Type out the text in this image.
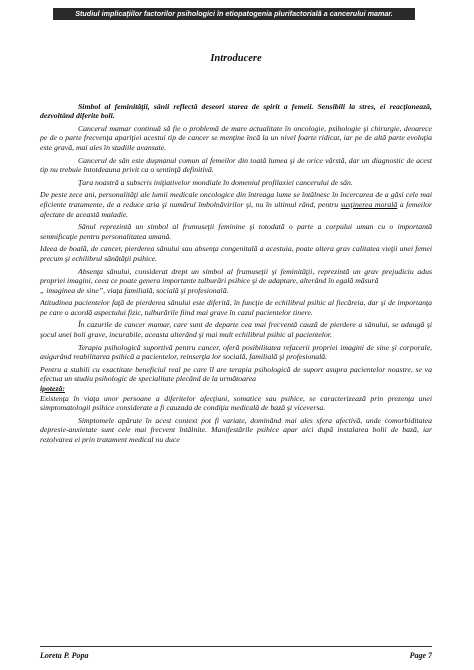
Studiul implicaţiilor factorilor psihologici în etiopatogenia plurifactorială a cancerului mamar.
Introducere

Simbol al feminităţii, sânii reflectă deseori starea de spirit a femeii. Sensibili la stres, ei reacţionează, dezvoltând diferite boli.

Cancerul mamar continuă să fie o problemă de mare actualitate în oncologie, psihologie şi chirurgie, deoarece pe de o parte frecvenţa apariţiei acestui tip de cancer se menţine încă la un nivel foarte ridicat, iar pe de altă parte evoluţia este gravă, mai ales în stadiile avansate.

Cancerul de sân este duşmanul comun al femeilor din toată lumea şi de orice vârstă, dar un diagnostic de acest tip nu trebuie întotdeauna privit ca o sentinţă definitivă.

Ţara noastră a subscris iniţiativelor mondiale în domeniul profilaxiei cancerului de sân.

De peste zece ani, personalităţi ale lumii medicale oncologice din întreaga lume se întâlnesc în încercarea de a găsi cele mai eficiente tratamente, de a reduce aria şi numărul îmbolnăvirilor şi, nu în ultimul rând, pentru susţinerea morală a femeilor afectate de această maladie.

Sânul reprezintă un simbol al frumuseţii feminine şi totodată o parte a corpului uman cu o importantă semnificaţie pentru personalitatea umană.

Ideea de boală, de cancer, pierderea sânului sau absenţa congenitală a acestuia, poate altera grav calitatea vieţii unei femei precum şi echilibrul sănătăţii psihice.

Absenţa sânului, considerat drept un simbol al frumuseţii şi feminităţii, reprezintă un grav prejudiciu adus propriei imagini, ceea ce poate genera importante tulburări psihice şi de adaptare, alterând în egală măsură

„ imaginea de sine”, viaţa familială, socială şi profesională.

Atitudinea pacientelor faţă de pierderea sânului este diferită, în funcţie de echilibrul psihic al fiecăreia, dar şi de importanţa pe care o acordă aspectului fizic, tulburările fiind mai grave în cazul pacientelor tinere.

În cazurile de cancer mamar, care sunt de departe cea mai frecventă cauză de pierdere a sânului, se adaugă şi şocul unei boli grave, incurabile, aceasta alterând şi mai mult echilibrul psihic al pacientelor.

Terapia psihologică suportivă pentru cancer, oferă posibilitatea refacerii propriei imagini de sine şi corporale, asigurând reabilitarea psihică a pacientelor, reinserţia lor socială, familială şi profesională.

Pentru a stabili cu exactitate beneficiul real pe care îl are terapia psihologică de suport asupra pacientelor noastre, se va efectua un studiu psihologic de specialitate plecând de la următoarea

ipoteză:

Existenţa în viaţa unor persoane a diferitelor afecţiuni, somatice sau psihice, se caracterizează prin prezenţa unei simptomatologii psihice considerate a fi cauzada de condiţia medicală de bază şi viceversa.

Simptomele apărute în acest context pot fi variate, dominând mai ales sfera afectivă, unde comorbiditatea depresie-anxietate sunt cele mai frecvent întâlnite. Manifestările psihice apar aici după instalarea bolii de bază, iar rezolvarea ei prin tratament medical nu duce

Loreta P. Popa	Page 7
